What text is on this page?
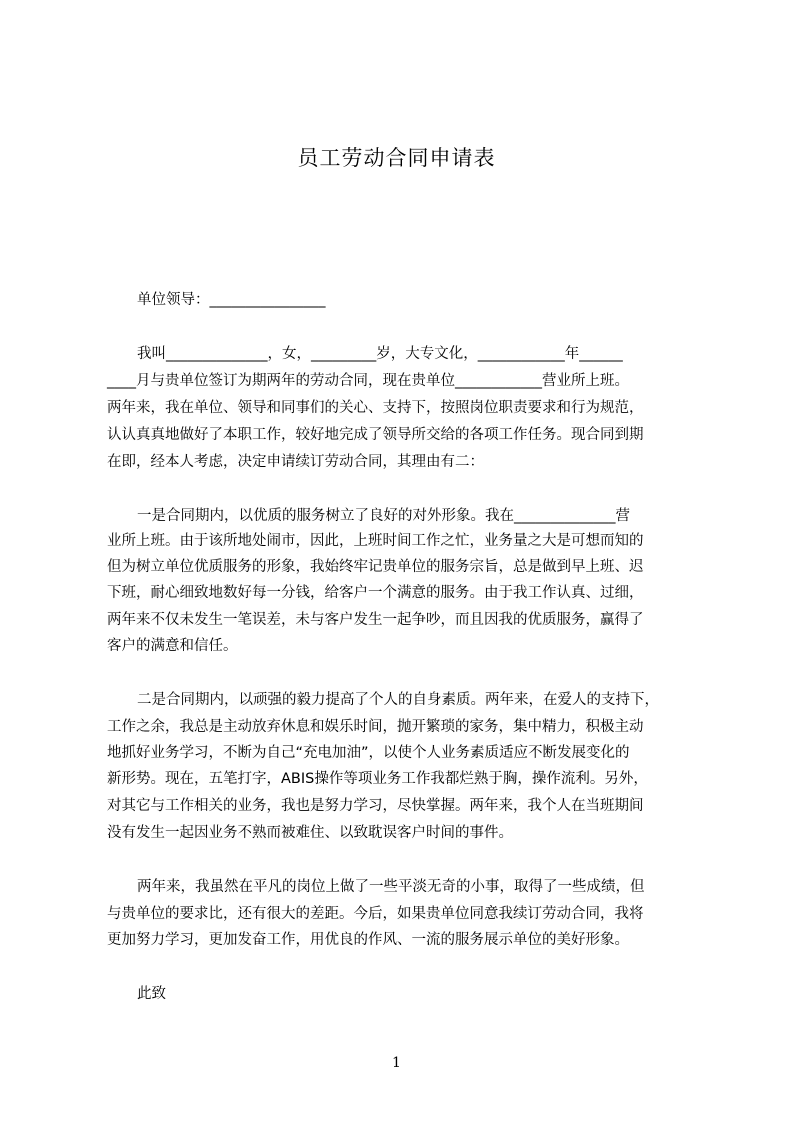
员工劳动合同申请表
单位领导：________________
我叫______________，女，_________岁，大专文化，____________年______
____月与贵单位签订为期两年的劳动合同，现在贵单位____________营业所上班。
两年来，我在单位、领导和同事们的关心、支持下，按照岗位职责要求和行为规范，
认认真真地做好了本职工作，较好地完成了领导所交给的各项工作任务。现合同到期
在即，经本人考虑，决定申请续订劳动合同，其理由有二：
一是合同期内，以优质的服务树立了良好的对外形象。我在______________营
业所上班。由于该所地处闹市，因此，上班时间工作之忙，业务量之大是可想而知的
但为树立单位优质服务的形象，我始终牢记贵单位的服务宗旨，总是做到早上班、迟
下班，耐心细致地数好每一分钱，给客户一个满意的服务。由于我工作认真、过细，
两年来不仅未发生一笔误差，未与客户发生一起争吵，而且因我的优质服务，赢得了
客户的满意和信任。
二是合同期内，以顽强的毅力提高了个人的自身素质。两年来，在爱人的支持下，
工作之余，我总是主动放弃休息和娱乐时间，抛开繁琐的家务，集中精力，积极主动
地抓好业务学习，不断为自己“充电加油”，以使个人业务素质适应不断发展变化的
新形势。现在，五笔打字，ABIS操作等项业务工作我都烂熟于胸，操作流利。另外，
对其它与工作相关的业务，我也是努力学习，尽快掌握。两年来，我个人在当班期间
没有发生一起因业务不熟而被难住、以致耽误客户时间的事件。
两年来，我虽然在平凡的岗位上做了一些平淡无奇的小事，取得了一些成绩，但
与贵单位的要求比，还有很大的差距。今后，如果贵单位同意我续订劳动合同，我将
更加努力学习，更加发奋工作，用优良的作风、一流的服务展示单位的美好形象。
此致
1
